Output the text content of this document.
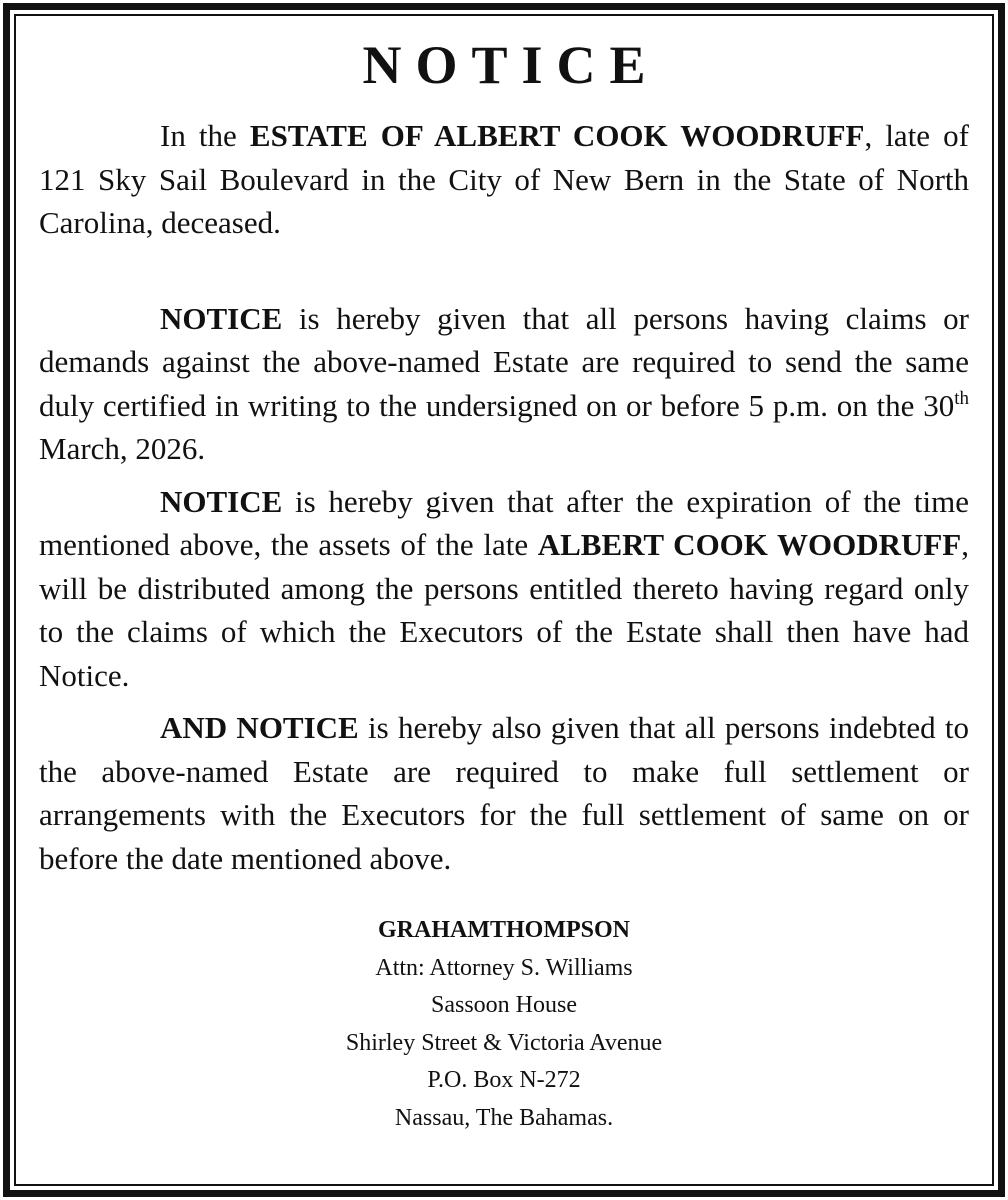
NOTICE

In the ESTATE OF ALBERT COOK WOODRUFF, late of 121 Sky Sail Boulevard in the City of New Bern in the State of North Carolina, deceased.

NOTICE is hereby given that all persons having claims or demands against the above-named Estate are required to send the same duly certified in writing to the undersigned on or before 5 p.m. on the 30th March, 2026.

NOTICE is hereby given that after the expiration of the time mentioned above, the assets of the late ALBERT COOK WOODRUFF, will be distributed among the persons entitled thereto having regard only to the claims of which the Executors of the Estate shall then have had Notice.

AND NOTICE is hereby also given that all persons indebted to the above-named Estate are required to make full settlement or arrangements with the Executors for the full settlement of same on or before the date mentioned above.

GRAHAMTHOMPSON
Attn: Attorney S. Williams
Sassoon House
Shirley Street & Victoria Avenue
P.O. Box N-272
Nassau, The Bahamas.
